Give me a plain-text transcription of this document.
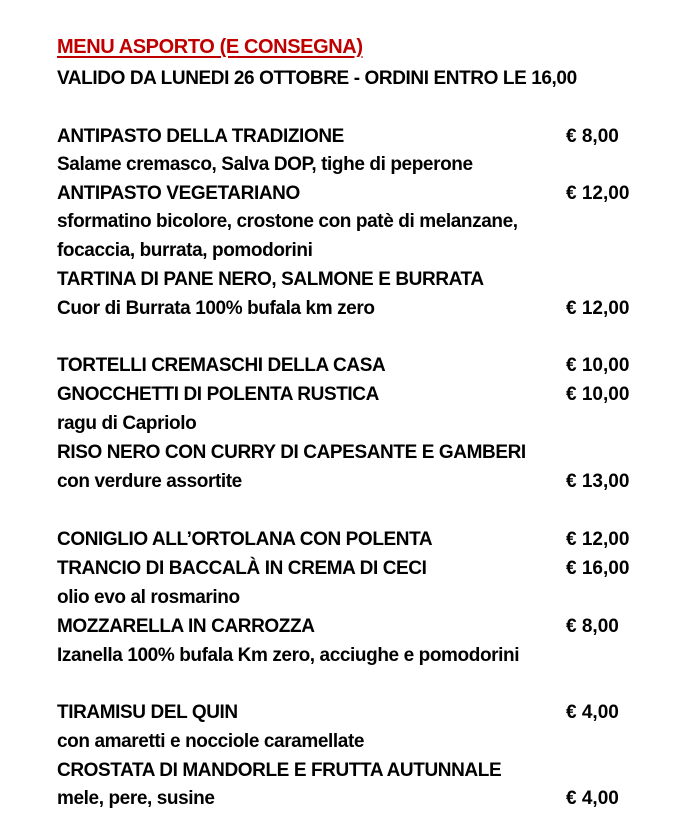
MENU ASPORTO (E CONSEGNA)
VALIDO DA LUNEDI 26 OTTOBRE - ORDINI ENTRO LE 16,00
ANTIPASTO DELLA TRADIZIONE	€ 8,00
Salame cremasco, Salva DOP, tighe di peperone
ANTIPASTO VEGETARIANO	€ 12,00
sformatino bicolore, crostone con patè di melanzane,
focaccia, burrata, pomodorini
TARTINA DI PANE NERO, SALMONE E BURRATA
Cuor di Burrata 100% bufala km zero	€ 12,00
TORTELLI CREMASCHI DELLA CASA	€ 10,00
GNOCCHETTI DI POLENTA RUSTICA	€ 10,00
ragu di Capriolo
RISO NERO CON CURRY DI CAPESANTE E GAMBERI
con verdure assortite	€ 13,00
CONIGLIO ALL’ORTOLANA CON POLENTA	€ 12,00
TRANCIO DI BACCALÀ IN CREMA DI CECI	€ 16,00
olio evo al rosmarino
MOZZARELLA IN CARROZZA	€ 8,00
Izanella 100% bufala Km zero, acciughe e pomodorini
TIRAMISU DEL QUIN	€ 4,00
con amaretti e nocciole caramellate
CROSTATA DI MANDORLE E FRUTTA AUTUNNALE
mele, pere, susine	€ 4,00
